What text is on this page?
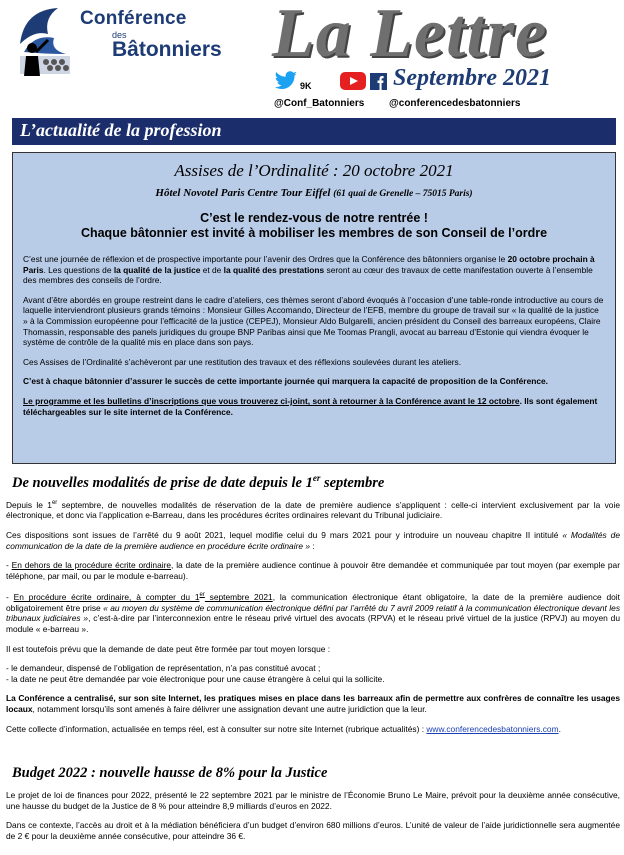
Conférence
des
Bâtonniers La Lettre
9K	Septembre 2021
@Conf_Batonniers @conferencedesbatonniers
L’actualité de la profession
Assises de l’Ordinalité : 20 octobre 2021
Hôtel Novotel Paris Centre Tour Eiffel (61 quai de Grenelle – 75015 Paris)
C’est le rendez-vous de notre rentrée !
Chaque bâtonnier est invité à mobiliser les membres de son Conseil de l’ordre

C’est une journée de réflexion et de prospective importante pour l’avenir des Ordres que la Conférence des bâtonniers organise le 20 octobre prochain à Paris. Les questions de la qualité de la justice et de la qualité des prestations seront au cœur des travaux de cette manifestation ouverte à l’ensemble des membres des conseils de l’ordre.

Avant d’être abordés en groupe restreint dans le cadre d’ateliers, ces thèmes seront d’abord évoqués à l’occasion d’une table-ronde introductive au cours de laquelle interviendront plusieurs grands témoins : Monsieur Gilles Accomando, Directeur de l’EFB, membre du groupe de travail sur « la qualité de la justice » à la Commission européenne pour l’efficacité de la justice (CEPEJ), Monsieur Aldo Bulgarelli, ancien président du Conseil des barreaux européens, Claire Thomassin, responsable des panels juridiques du groupe BNP Paribas ainsi que Me Toomas Prangli, avocat au barreau d’Estonie qui viendra évoquer le système de contrôle de la qualité mis en place dans son pays.

Ces Assises de l’Ordinalité s’achèveront par une restitution des travaux et des réflexions soulevées durant les ateliers.

C’est à chaque bâtonnier d’assurer le succès de cette importante journée qui marquera la capacité de proposition de la Conférence.

Le programme et les bulletins d’inscriptions que vous trouverez ci-joint, sont à retourner à la Conférence avant le 12 octobre. Ils sont également téléchargeables sur le site internet de la Conférence.

De nouvelles modalités de prise de date depuis le 1er septembre

Depuis le 1er septembre, de nouvelles modalités de réservation de la date de première audience s’appliquent : celle-ci intervient exclusivement par la voie électronique, et donc via l’application e-Barreau, dans les procédures écrites ordinaires relevant du Tribunal judiciaire.

Ces dispositions sont issues de l’arrêté du 9 août 2021, lequel modifie celui du 9 mars 2021 pour y introduire un nouveau chapitre II intitulé « Modalités de communication de la date de la première audience en procédure écrite ordinaire » :

- En dehors de la procédure écrite ordinaire, la date de la première audience continue à pouvoir être demandée et communiquée par tout moyen (par exemple par téléphone, par mail, ou par le module e-barreau).

- En procédure écrite ordinaire, à compter du 1er septembre 2021, la communication électronique étant obligatoire, la date de la première audience doit obligatoirement être prise « au moyen du système de communication électronique défini par l’arrêté du 7 avril 2009 relatif à la communication électronique devant les tribunaux judiciaires », c’est-à-dire par l’interconnexion entre le réseau privé virtuel des avocats (RPVA) et le réseau privé virtuel de la justice (RPVJ) au moyen du module « e-barreau ».

Il est toutefois prévu que la demande de date peut être formée par tout moyen lorsque :

- le demandeur, dispensé de l’obligation de représentation, n’a pas constitué avocat ;
- la date ne peut être demandée par voie électronique pour une cause étrangère à celui qui la sollicite.

La Conférence a centralisé, sur son site Internet, les pratiques mises en place dans les barreaux afin de permettre aux confrères de connaître les usages locaux, notamment lorsqu’ils sont amenés à faire délivrer une assignation devant une autre juridiction que la leur.

Cette collecte d’information, actualisée en temps réel, est à consulter sur notre site Internet (rubrique actualités) : www.conferencedesbatonniers.com.

Budget 2022 : nouvelle hausse de 8% pour la Justice

Le projet de loi de finances pour 2022, présenté le 22 septembre 2021 par le ministre de l’Économie Bruno Le Maire, prévoit pour la deuxième année consécutive, une hausse du budget de la Justice de 8 % pour atteindre 8,9 milliards d’euros en 2022.

Dans ce contexte, l’accès au droit et à la médiation bénéficiera d’un budget d’environ 680 millions d’euros. L’unité de valeur de l’aide juridictionnelle sera augmentée de 2 € pour la deuxième année consécutive, pour atteindre 36 €.
